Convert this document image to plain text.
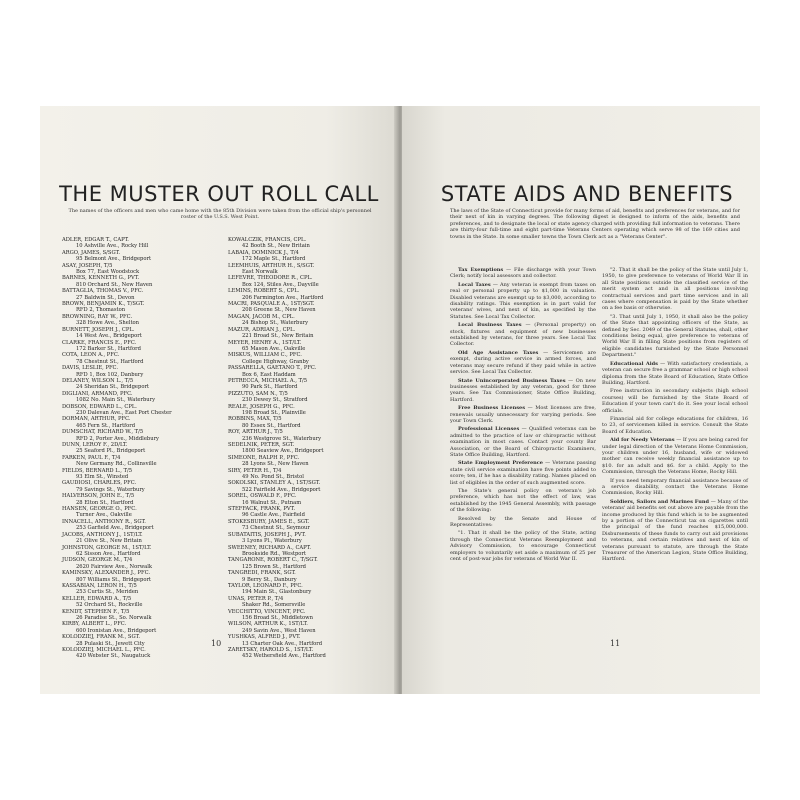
THE MUSTER OUT ROLL CALL
The names of the officers and men who came home with the 85th Division were taken from the official ship's personnel roster of the U.S.S. West Point.
ADLER, EDGAR T., CAPT.
10 Ashville Ave., Rocky Hill
ARGO, JAMES, S/SGT.
95 Belmont Ave., Bridgeport
ASAY, JOSEPH, T/5
Box 77, East Woodstock
BARNES, KENNETH G., PVT.
810 Orchard St., New Haven
BATTAGLIA, THOMAS V., PFC.
27 Baldwin St., Devon
BROWN, BENJAMIN K., T/SGT.
RFD 2, Thomaston
BROWNING, RAY W., PFC.
328 Howe Ave., Shelton
BURNETT, JOSEPH J., CPL.
14 West Ave., Bridgeport
CLARKE, FRANCIS E., PFC.
172 Barker St., Hartford
COTA, LEON A., PFC.
78 Chestnut St., Hartford
DAVIS, LESLIE, PFC.
RFD 1, Box 102, Danbury
DELANEY, WILSON L., T/5
24 Sheridan St., Bridgeport
DIGLIANI, ARMAND, PFC.
1082 No. Main St., Waterbury
DOBSON, EDWARD L., CPL.
230 Dalevan Ave., East Port Chester
DORMAN, ARTHUR, PFC.
465 Fern St., Hartford
DUMSCHAT, RICHARD W., T/5
RFD 2, Porter Ave., Middlebury
DUNN, LEROY F., 2D/LT.
25 Seaford Pl., Bridgeport
FARKEN, PAUL F., T/4
New Germany Rd., Collinsville
FIELDS, BERNARD L., T/5
93 Elm St., Winsted
GAUDIOSI, CHARLES, PFC.
79 Savings St., Waterbury
HALVERSON, JOHN E., T/5
28 Elton St., Hartford
HANSEN, GEORGE O., PFC.
Turner Ave., Oakville
INNACELL, ANTHONY R., SGT.
253 Garfield Ave., Bridgeport
JACOBS, ANTHONY J., 1ST/LT.
21 Olive St., New Britain
JOHNSTON, GEORGE M., 1ST/LT.
62 Sisson Ave., Hartford
JUDSON, GEORGE M., T/4
2620 Fairview Ave., Norwalk
KAMINSKY, ALEXANDER J., PFC.
807 Williams St., Bridgeport
KASSABIAN, LERON H., T/5
253 Curtis St., Meriden
KELLER, EDWARD A., T/5
52 Orchard St., Rockville
KENDT, STEPHEN F., T/5
26 Paradise St., So. Norwalk
KIRBY, ALBERT L., PFC.
600 Ironistan Ave., Bridgeport
KOLODZIEJ, FRANK M., SGT.
28 Pulaski St., Jewett City
KOLODZIEJ, MICHAEL L., PFC.
420 Webster St., Naugatuck
KOWALCZIK, FRANCIS, CPL.
42 Booth St., New Britain
LABAIA, DOMINICK J., T/4
172 Maple St., Hartford
LEEMHUIS, ARTHUR H., S/SGT.
East Norwalk
LEFEVRE, THEODORE R., CPL.
Box 124, Stiles Ave., Dayville
LEMINS, ROBERT S., CPL.
206 Farmington Ave., Hartford
MACRI, PASQUALE A., 1ST/SGT.
208 Greene St., New Haven
MAGAN, JACOB M., CPL.
24 Bishop St., Waterbury
MAZUR, ADRIAN J., CPL.
221 Broad St., New Britain
MEYER, HENRY A., 1ST/LT.
65 Mason Ave., Oakville
MISKUS, WILLIAM C., PFC.
College Highway, Granby
PASSARELLA, GAETANO T., PFC.
Box 6, East Haddam
PETRECCA, MICHAEL A., T/5
90 Park St., Hartford
PIZZUTO, SAM N., T/5
230 Dewey St., Stratford
REALE, JOSEPH G., PFC.
198 Broad St., Plainville
ROBBINS, MAX, T/5
80 Essex St., Hartford
ROY, ARTHUR J., T/5
236 Westgrove St., Waterbury
SEDELNIK, PETER, SGT.
1800 Seaview Ave., Bridgeport
SIMEONE, RALPH P., PFC.
28 Lyons St., New Haven
SIRY, PETER H., T/4
49 No. Pond St., Bristol
SOKOLSKI, STANLEY A., 1ST/SGT.
522 Fairfield Ave., Bridgeport
SOREL, OSWALD F., PFC.
16 Walnut St., Putnam
STEFFACK, FRANK, PVT.
96 Castle Ave., Fairfield
STOKESBURY, JAMES E., SGT.
73 Chestnut St., Seymour
SUBATAITIS, JOSEPH J., PVT.
3 Lyons Pl., Waterbury
SWEENEY, RICHARD A., CAPT.
Brookside Rd., Westport
TANGARONE, ROBERT C., T/SGT.
125 Brown St., Hartford
TANGREDI, FRANK, SGT.
9 Berry St., Danbury
TAYLOR, LEONARD F., PFC.
194 Main St., Glastonbury
UNAS, PETER P., T/4
Shaker Rd., Somersville
VECCHITTO, VINCENT, PFC.
156 Broad St., Middletown
WILSON, ARTHUR K., 1ST/LT.
249 Savin Ave., West Haven
YUSHKAS, ALFRED J., PVT.
13 Charter Oak Ave., Hartford
ZARETSKY, HAROLD S., 1ST/LT.
452 Wethersfield Ave., Hartford
10
STATE AIDS AND BENEFITS
The laws of the State of Connecticut provide for many forms of aid, benefits and preferences for veterans, and for their next of kin in varying degrees. The following digest is designed to inform of the aids, benefits and preferences, and to designate the local or state agency charged with providing full information to veterans. There are thirty-four full-time and eight part-time Veterans Centers operating which serve 98 of the 169 cities and towns in the State. In some smaller towns the Town Clerk act as a "Veterans Center".

Tax Exemptions — File discharge with your Town Clerk; notify local assessors and collector.

Local Taxes — Any veteran is exempt from taxes on real or personal property up to $1,000 in valuation. Disabled veterans are exempt up to $3,000, according to disability ratings. This exemption is in part valid for veterans' wives, and next of kin, as specified by the Statutes. See Local Tax Collector.

Local Business Taxes — (Personal property) on stock, fixtures and equipment of new businesses established by veterans, for three years. See Local Tax Collector.

Old Age Assistance Taxes — Servicemen are exempt, during active service in armed forces, and veterans may secure refund if they paid while in active service. See Local Tax Collector.

State Unincorporated Business Taxes — On new businesses established by any veteran, good for three years. See Tax Commissioner, State Office Building, Hartford.

Free Business Licenses — Most licenses are free, renewals usually unnecessary for varying periods. See your Town Clerk.

Professional Licenses — Qualified veterans can be admitted to the practice of law or chiropractic without examination in most cases. Contact your county Bar Association, or the Board of Chiropractic Examiners, State Office Building, Hartford.

State Employment Preference — Veterans passing state civil service examination have five points added to score; ten, if he has a disability rating. Names placed on list of eligibles in the order of such augmented score.

The State's general policy on veteran's job preference, which has not the effect of law, was established by the 1945 General Assembly, with passage of the following:

Resolved by the Senate and House of Representatives:

"1. That it shall be the policy of the State, acting through the Connecticut Veterans Reemployment and Advisory Commission, to encourage Connecticut employers to voluntarily set aside a maximum of 25 per cent of post-war jobs for veterans of World War II.

"2. That it shall be the policy of the State until July 1, 1950, to give preference to veterans of World War II in all State positions outside the classified service of the merit system act and in all positions involving contractual services and part time services and in all cases where compensation is paid by the State whether on a fee basis or otherwise.

"3. That until July 1, 1950, it shall also be the policy of the State that appointing officers of the State, as defined by Sec. 2049 of the General Statutes, shall, other conditions being equal, give preference to veterans of World War II in filling State positions from registers of eligible candidates furnished by the State Personnel Department."

Educational Aids — With satisfactory credentials, a veteran can secure free a grammar school or high school diploma from the State Board of Education, State Office Building, Hartford.

Free instruction in secondary subjects (high school courses) will be furnished by the State Board of Education if your town can't do it. See your local school officials.

Financial aid for college educations for children, 16 to 23, of servicemen killed in service. Consult the State Board of Education.

Aid for Needy Veterans — If you are being cared for under legal direction of the Veterans Home Commission, your children under 16, husband, wife or widowed mother can receive weekly financial assistance up to $10. for an adult and $6. for a child. Apply to the Commission, through the Veterans Home, Rocky Hill.

If you need temporary financial assistance because of a service disability, contact the Veterans Home Commission, Rocky Hill.

Soldiers, Sailors and Marines Fund — Many of the veterans' aid benefits set out above are payable from the income produced by this fund which is to be augmented by a portion of the Connecticut tax on cigarettes until the principal of the fund reaches $15,000,000. Disbursements of these funds to carry out aid provisions to veterans, and certain relatives and next of kin of veterans pursuant to statute, are through the State Treasurer of the American Legion, State Office Building, Hartford.

11
